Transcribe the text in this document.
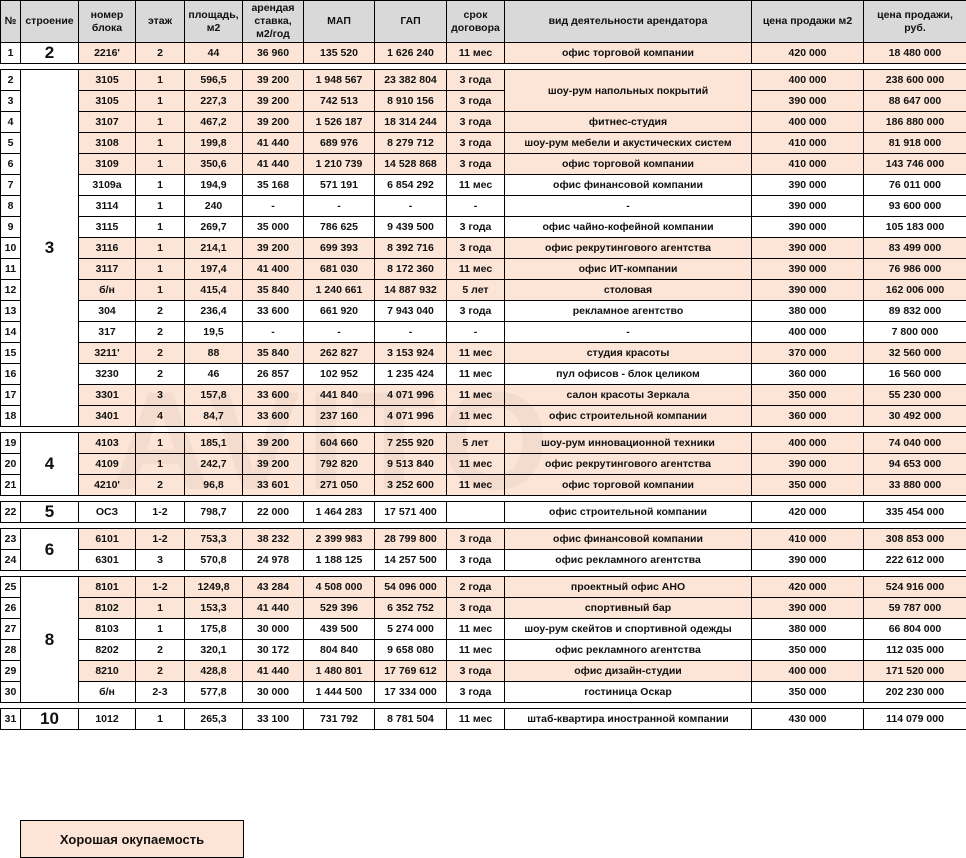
№	строение	номер блока	этаж	площадь, м2	арендая ставка, м2/год	МАП	ГАП	срок договора	вид деятельности арендатора	цена продажи м2	цена продажи, руб.
1	2	2216'	2	44	36 960	135 520	1 626 240	11 мес	офис торговой компании	420 000	18 480 000

2	3	3105	1	596,5	39 200	1 948 567	23 382 804	3 года	шоу-рум напольных покрытий	400 000	238 600 000
3		3105	1	227,3	39 200	742 513	8 910 156	3 года		390 000	88 647 000
4		3107	1	467,2	39 200	1 526 187	18 314 244	3 года	фитнес-студия	400 000	186 880 000
5		3108	1	199,8	41 440	689 976	8 279 712	3 года	шоу-рум мебели и акустических систем	410 000	81 918 000
6		3109	1	350,6	41 440	1 210 739	14 528 868	3 года	офис торговой компании	410 000	143 746 000
7		3109a	1	194,9	35 168	571 191	6 854 292	11 мес	офис финансовой компании	390 000	76 011 000
8		3114	1	240	-	-	-	-	-	390 000	93 600 000
9		3115	1	269,7	35 000	786 625	9 439 500	3 года	офис чайно-кофейной компании	390 000	105 183 000
10		3116	1	214,1	39 200	699 393	8 392 716	3 года	офис рекрутингового агентства	390 000	83 499 000
11		3117	1	197,4	41 400	681 030	8 172 360	11 мес	офис ИТ-компании	390 000	76 986 000
12		б/н	1	415,4	35 840	1 240 661	14 887 932	5 лет	столовая	390 000	162 006 000
13		304	2	236,4	33 600	661 920	7 943 040	3 года	рекламное агентство	380 000	89 832 000
14		317	2	19,5	-	-	-	-	-	400 000	7 800 000
15		3211'	2	88	35 840	262 827	3 153 924	11 мес	студия красоты	370 000	32 560 000
16		3230	2	46	26 857	102 952	1 235 424	11 мес	пул офисов - блок целиком	360 000	16 560 000
17		3301	3	157,8	33 600	441 840	4 071 996	11 мес	салон красоты Зеркала	350 000	55 230 000
18		3401	4	84,7	33 600	237 160	4 071 996	11 мес	офис строительной компании	360 000	30 492 000

19	4	4103	1	185,1	39 200	604 660	7 255 920	5 лет	шоу-рум инновационной техники	400 000	74 040 000
20		4109	1	242,7	39 200	792 820	9 513 840	11 мес	офис рекрутингового агентства	390 000	94 653 000
21		4210'	2	96,8	33 601	271 050	3 252 600	11 мес	офис торговой компании	350 000	33 880 000

22	5	ОСЗ	1-2	798,7	22 000	1 464 283	17 571 400		офис строительной компании	420 000	335 454 000

23	6	6101	1-2	753,3	38 232	2 399 983	28 799 800	3 года	офис финансовой компании	410 000	308 853 000
24		6301	3	570,8	24 978	1 188 125	14 257 500	3 года	офис рекламного агентства	390 000	222 612 000

25	8	8101	1-2	1249,8	43 284	4 508 000	54 096 000	2 года	проектный офис АНО	420 000	524 916 000
26		8102	1	153,3	41 440	529 396	6 352 752	3 года	спортивный бар	390 000	59 787 000
27		8103	1	175,8	30 000	439 500	5 274 000	11 мес	шоу-рум скейтов и спортивной одежды	380 000	66 804 000
28		8202	2	320,1	30 172	804 840	9 658 080	11 мес	офис рекламного агентства	350 000	112 035 000
29		8210	2	428,8	41 440	1 480 801	17 769 612	3 года	офис дизайн-студии	400 000	171 520 000
30		б/н	2-3	577,8	30 000	1 444 500	17 334 000	3 года	гостиница Оскар	350 000	202 230 000

31	10	1012	1	265,3	33 100	731 792	8 781 504	11 мес	штаб-квартира иностранной компании	430 000	114 079 000
Хорошая окупаемость
